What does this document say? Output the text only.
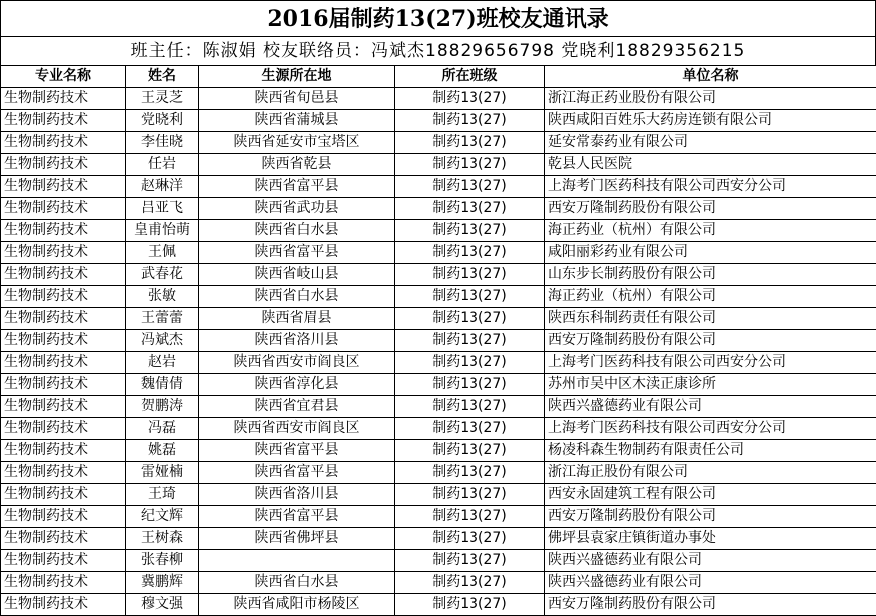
2016届制药13(27)班校友通讯录
班主任：陈淑娟 校友联络员：冯斌杰18829656798 党晓利18829356215
专业名称	姓名	生源所在地	所在班级	单位名称
生物制药技术	王灵芝	陕西省旬邑县	制药13(27)	浙江海正药业股份有限公司
生物制药技术	党晓利	陕西省蒲城县	制药13(27)	陕西咸阳百姓乐大药房连锁有限公司
生物制药技术	李佳晓	陕西省延安市宝塔区	制药13(27)	延安常泰药业有限公司
生物制药技术	任岩	陕西省乾县	制药13(27)	乾县人民医院
生物制药技术	赵琳洋	陕西省富平县	制药13(27)	上海考门医药科技有限公司西安分公司
生物制药技术	吕亚飞	陕西省武功县	制药13(27)	西安万隆制药股份有限公司
生物制药技术	皇甫怡萌	陕西省白水县	制药13(27)	海正药业（杭州）有限公司
生物制药技术	王佩	陕西省富平县	制药13(27)	咸阳丽彩药业有限公司
生物制药技术	武春花	陕西省岐山县	制药13(27)	山东步长制药股份有限公司
生物制药技术	张敏	陕西省白水县	制药13(27)	海正药业（杭州）有限公司
生物制药技术	王蕾蕾	陕西省眉县	制药13(27)	陕西东科制药责任有限公司
生物制药技术	冯斌杰	陕西省洛川县	制药13(27)	西安万隆制药股份有限公司
生物制药技术	赵岩	陕西省西安市阎良区	制药13(27)	上海考门医药科技有限公司西安分公司
生物制药技术	魏倩倩	陕西省淳化县	制药13(27)	苏州市吴中区木渎正康诊所
生物制药技术	贺鹏涛	陕西省宜君县	制药13(27)	陕西兴盛德药业有限公司
生物制药技术	冯磊	陕西省西安市阎良区	制药13(27)	上海考门医药科技有限公司西安分公司
生物制药技术	姚磊	陕西省富平县	制药13(27)	杨凌科森生物制药有限责任公司
生物制药技术	雷娅楠	陕西省富平县	制药13(27)	浙江海正股份有限公司
生物制药技术	王琦	陕西省洛川县	制药13(27)	西安永固建筑工程有限公司
生物制药技术	纪文辉	陕西省富平县	制药13(27)	西安万隆制药股份有限公司
生物制药技术	王树森	陕西省佛坪县	制药13(27)	佛坪县袁家庄镇街道办事处
生物制药技术	张春柳		制药13(27)	陕西兴盛德药业有限公司
生物制药技术	冀鹏辉	陕西省白水县	制药13(27)	陕西兴盛德药业有限公司
生物制药技术	穆文强	陕西省咸阳市杨陵区	制药13(27)	西安万隆制药股份有限公司
